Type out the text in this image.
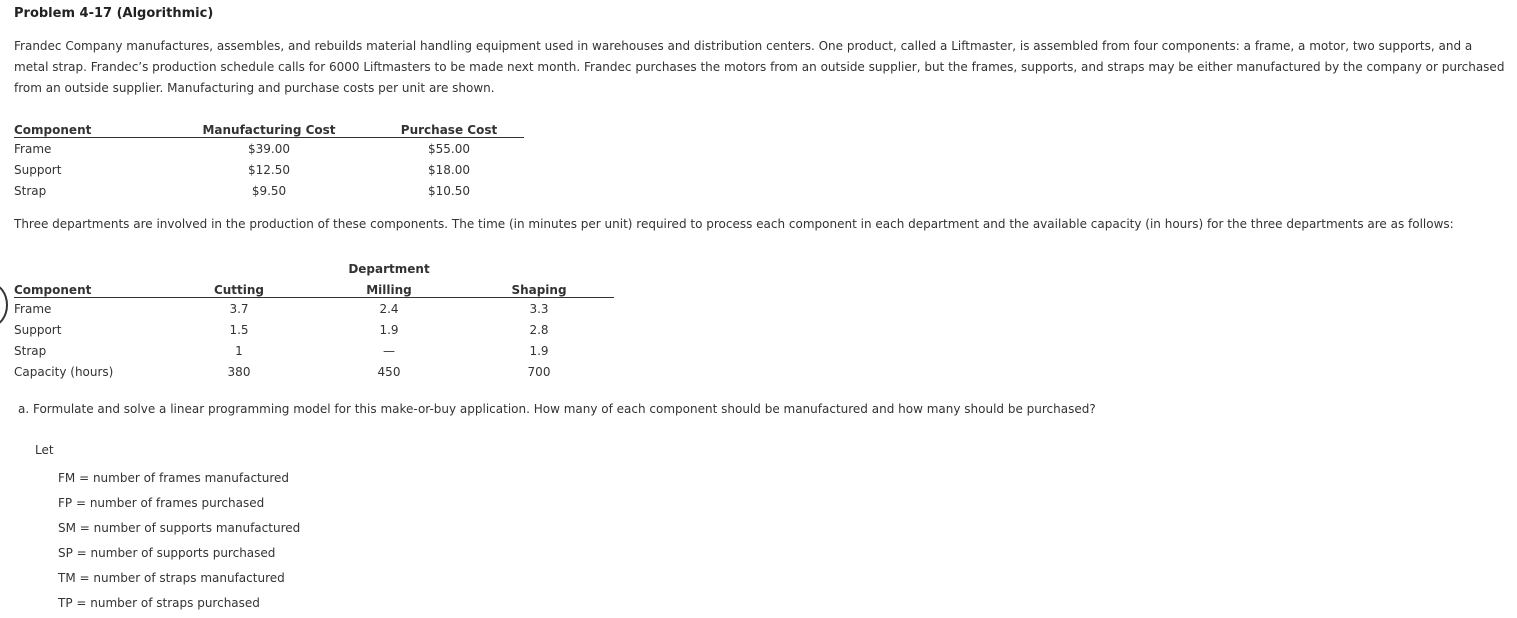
Problem 4-17 (Algorithmic)

Frandec Company manufactures, assembles, and rebuilds material handling equipment used in warehouses and distribution centers. One product, called a Liftmaster, is assembled from four components: a frame, a motor, two supports, and a metal strap. Frandec’s production schedule calls for 6000 Liftmasters to be made next month. Frandec purchases the motors from an outside supplier, but the frames, supports, and straps may be either manufactured by the company or purchased from an outside supplier. Manufacturing and purchase costs per unit are shown.

Component	Manufacturing Cost	Purchase Cost
Frame	$39.00	$55.00
Support	$12.50	$18.00
Strap	$9.50	$10.50
Three departments are involved in the production of these components. The time (in minutes per unit) required to process each component in each department and the available capacity (in hours) for the three departments are as follows:
		Department	
Component	Cutting	Milling	Shaping
Frame	3.7	2.4	3.3
Support	1.5	1.9	2.8
Strap	1	—	1.9
Capacity (hours)	380	450	700
a. Formulate and solve a linear programming model for this make-or-buy application. How many of each component should be manufactured and how many should be purchased?
Let
FM = number of frames manufactured
FP = number of frames purchased
SM = number of supports manufactured
SP = number of supports purchased
TM = number of straps manufactured
TP = number of straps purchased
